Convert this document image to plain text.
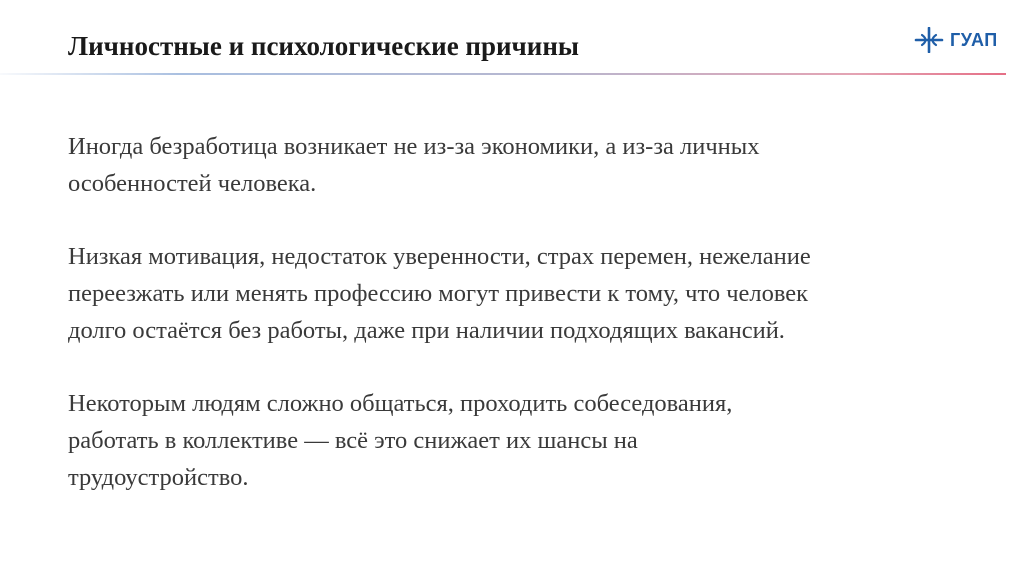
Личностные и психологические причины	ГУАП

Иногда безработица возникает не из-за экономики, а из-за личных
особенностей человека.

Низкая мотивация, недостаток уверенности, страх перемен, нежелание
переезжать или менять профессию могут привести к тому, что человек
долго остаётся без работы, даже при наличии подходящих вакансий.

Некоторым людям сложно общаться, проходить собеседования,
работать в коллективе — всё это снижает их шансы на
трудоустройство.
